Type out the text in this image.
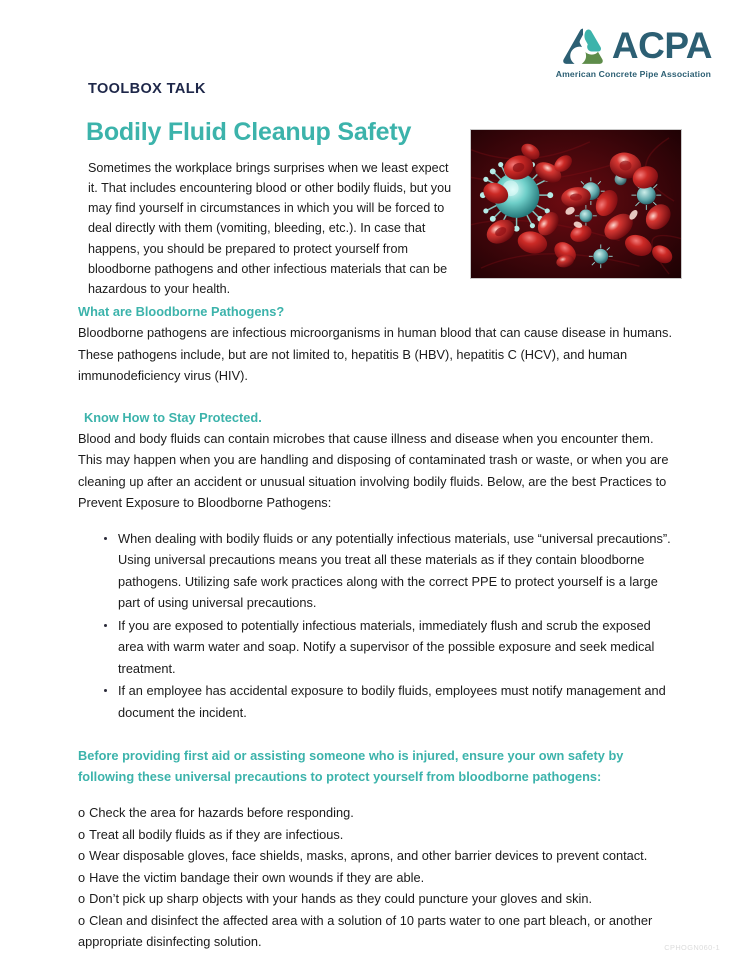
ACPA
American Concrete Pipe Association
TOOLBOX TALK
Bodily Fluid Cleanup Safety

Sometimes the workplace brings surprises when we least expect it. That includes encountering blood or other bodily fluids, but you may find yourself in circumstances in which you will be forced to deal directly with them (vomiting, bleeding, etc.). In case that happens, you should be prepared to protect yourself from bloodborne pathogens and other infectious materials that can be hazardous to your health.

What are Bloodborne Pathogens?

Bloodborne pathogens are infectious microorganisms in human blood that can cause disease in humans. These pathogens include, but are not limited to, hepatitis B (HBV), hepatitis C (HCV), and human immunodeficiency virus (HIV).

Know How to Stay Protected.

Blood and body fluids can contain microbes that cause illness and disease when you encounter them. This may happen when you are handling and disposing of contaminated trash or waste, or when you are cleaning up after an accident or unusual situation involving bodily fluids. Below, are the best Practices to Prevent Exposure to Bloodborne Pathogens:

When dealing with bodily fluids or any potentially infectious materials, use “universal precautions”. Using universal precautions means you treat all these materials as if they contain bloodborne pathogens. Utilizing safe work practices along with the correct PPE to protect yourself is a large part of using universal precautions.
If you are exposed to potentially infectious materials, immediately flush and scrub the exposed area with warm water and soap. Notify a supervisor of the possible exposure and seek medical treatment.
If an employee has accidental exposure to bodily fluids, employees must notify management and document the incident.

Before providing first aid or assisting someone who is injured, ensure your own safety by following these universal precautions to protect yourself from bloodborne pathogens:

o Check the area for hazards before responding.
o Treat all bodily fluids as if they are infectious.
o Wear disposable gloves, face shields, masks, aprons, and other barrier devices to prevent contact.
o Have the victim bandage their own wounds if they are able.
o Don’t pick up sharp objects with your hands as they could puncture your gloves and skin.
o Clean and disinfect the affected area with a solution of 10 parts water to one part bleach, or another appropriate disinfecting solution.	CPHOGN060-1
